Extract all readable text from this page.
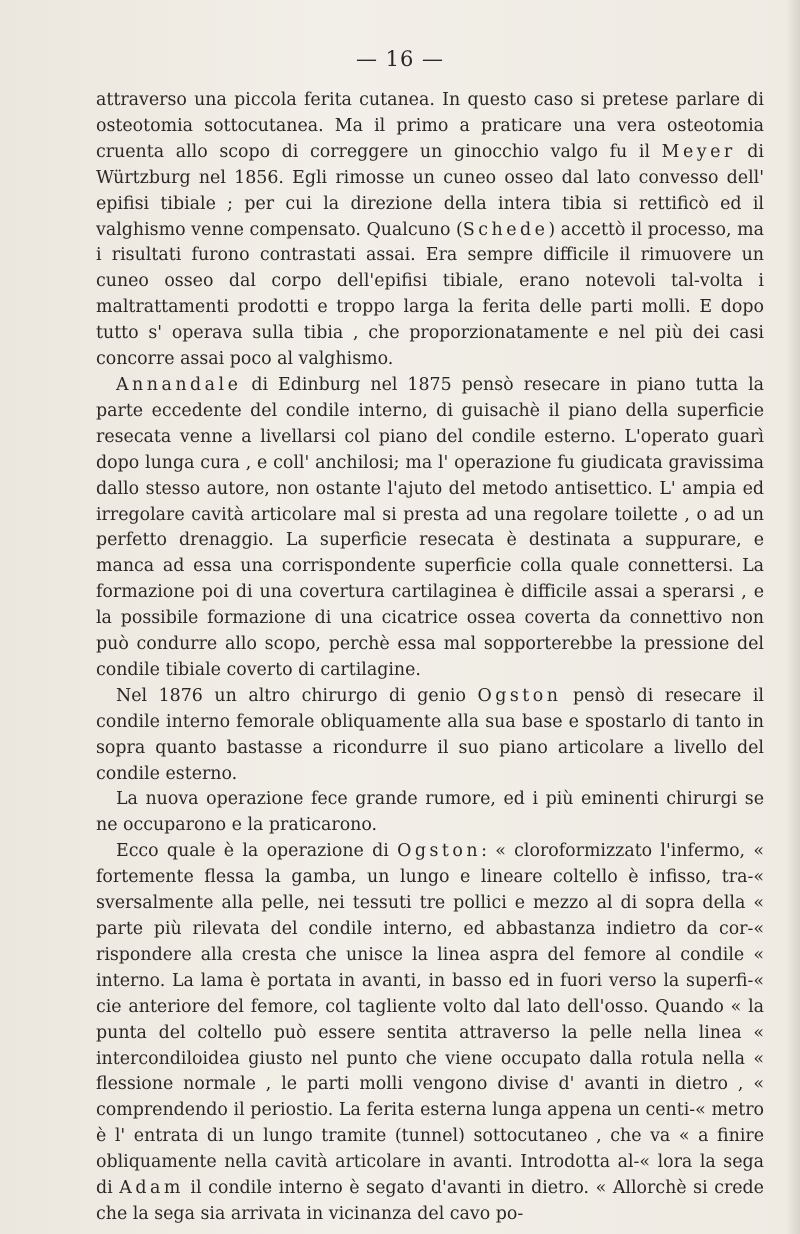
— 16 —

attraverso una piccola ferita cutanea. In questo caso si pretese parlare di osteotomia sottocutanea. Ma il primo a praticare una vera osteotomia cruenta allo scopo di correggere un ginocchio valgo fu il Meyer di Würtzburg nel 1856. Egli rimosse un cuneo osseo dal lato convesso dell' epifisi tibiale ; per cui la direzione della intera tibia si rettificò ed il valghismo venne compensato. Qualcuno (Schede) accettò il processo, ma i risultati furono contrastati assai. Era sempre difficile il rimuovere un cuneo osseo dal corpo dell'epifisi tibiale, erano notevoli tal-volta i maltrattamenti prodotti e troppo larga la ferita delle parti molli. E dopo tutto s' operava sulla tibia , che proporzionatamente e nel più dei casi concorre assai poco al valghismo.

Annandale di Edinburg nel 1875 pensò resecare in piano tutta la parte eccedente del condile interno, di guisachè il piano della superficie resecata venne a livellarsi col piano del condile esterno. L'operato guarì dopo lunga cura , e coll' anchilosi; ma l' operazione fu giudicata gravissima dallo stesso autore, non ostante l'ajuto del metodo antisettico. L' ampia ed irregolare cavità articolare mal si presta ad una regolare toilette , o ad un perfetto drenaggio. La superficie resecata è destinata a suppurare, e manca ad essa una corrispondente superficie colla quale connettersi. La formazione poi di una covertura cartilaginea è difficile assai a sperarsi , e la possibile formazione di una cicatrice ossea coverta da connettivo non può condurre allo scopo, perchè essa mal sopporterebbe la pressione del condile tibiale coverto di cartilagine.

Nel 1876 un altro chirurgo di genio Ogston pensò di resecare il condile interno femorale obliquamente alla sua base e spostarlo di tanto in sopra quanto bastasse a ricondurre il suo piano articolare a livello del condile esterno.

La nuova operazione fece grande rumore, ed i più eminenti chirurgi se ne occuparono e la praticarono.

Ecco quale è la operazione di Ogston: « cloroformizzato l'infermo, « fortemente flessa la gamba, un lungo e lineare coltello è infisso, tra-« sversalmente alla pelle, nei tessuti tre pollici e mezzo al di sopra della « parte più rilevata del condile interno, ed abbastanza indietro da cor-« rispondere alla cresta che unisce la linea aspra del femore al condile « interno. La lama è portata in avanti, in basso ed in fuori verso la superfi-« cie anteriore del femore, col tagliente volto dal lato dell'osso. Quando « la punta del coltello può essere sentita attraverso la pelle nella linea « intercondiloidea giusto nel punto che viene occupato dalla rotula nella « flessione normale , le parti molli vengono divise d' avanti in dietro , « comprendendo il periostio. La ferita esterna lunga appena un centi-« metro è l' entrata di un lungo tramite (tunnel) sottocutaneo , che va « a finire obliquamente nella cavità articolare in avanti. Introdotta al-« lora la sega di Adam il condile interno è segato d'avanti in dietro. « Allorchè si crede che la sega sia arrivata in vicinanza del cavo po-
